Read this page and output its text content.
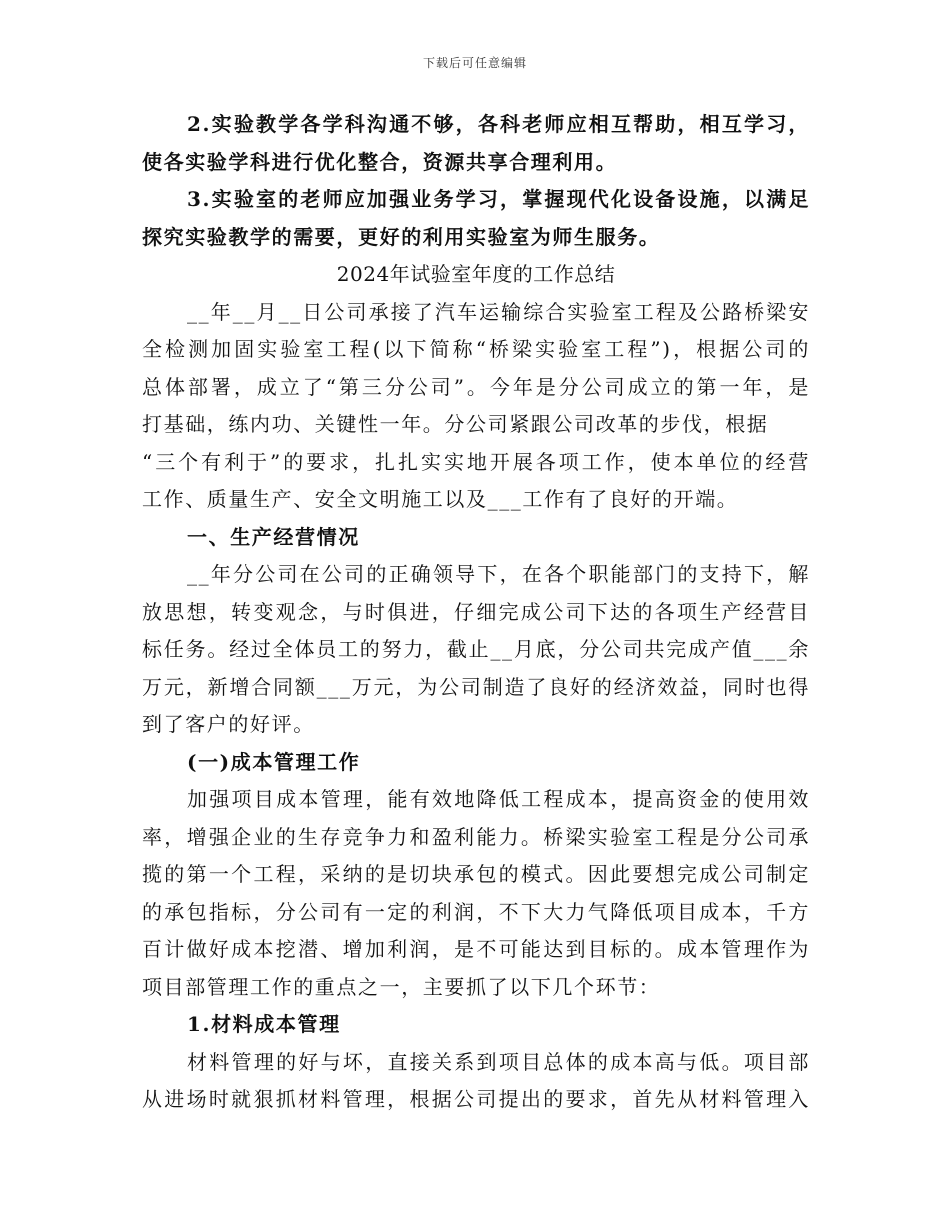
下载后可任意编辑
2.实验教学各学科沟通不够，各科老师应相互帮助，相互学习，
使各实验学科进行优化整合，资源共享合理利用。
3.实验室的老师应加强业务学习，掌握现代化设备设施，以满足
探究实验教学的需要，更好的利用实验室为师生服务。
2024年试验室年度的工作总结
__年__月__日公司承接了汽车运输综合实验室工程及公路桥梁安
全检测加固实验室工程(以下简称“桥梁实验室工程”)，根据公司的
总体部署，成立了“第三分公司”。今年是分公司成立的第一年，是
打基础，练内功、关键性一年。分公司紧跟公司改革的步伐，根据
“三个有利于”的要求，扎扎实实地开展各项工作，使本单位的经营
工作、质量生产、安全文明施工以及___工作有了良好的开端。
一、生产经营情况
__年分公司在公司的正确领导下，在各个职能部门的支持下，解
放思想，转变观念，与时俱进，仔细完成公司下达的各项生产经营目
标任务。经过全体员工的努力，截止__月底，分公司共完成产值___余
万元，新增合同额___万元，为公司制造了良好的经济效益，同时也得
到了客户的好评。
(一)成本管理工作
加强项目成本管理，能有效地降低工程成本，提高资金的使用效
率，增强企业的生存竞争力和盈利能力。桥梁实验室工程是分公司承
揽的第一个工程，采纳的是切块承包的模式。因此要想完成公司制定
的承包指标，分公司有一定的利润，不下大力气降低项目成本，千方
百计做好成本挖潜、增加利润，是不可能达到目标的。成本管理作为
项目部管理工作的重点之一，主要抓了以下几个环节：
1.材料成本管理
材料管理的好与坏，直接关系到项目总体的成本高与低。项目部
从进场时就狠抓材料管理，根据公司提出的要求，首先从材料管理入
